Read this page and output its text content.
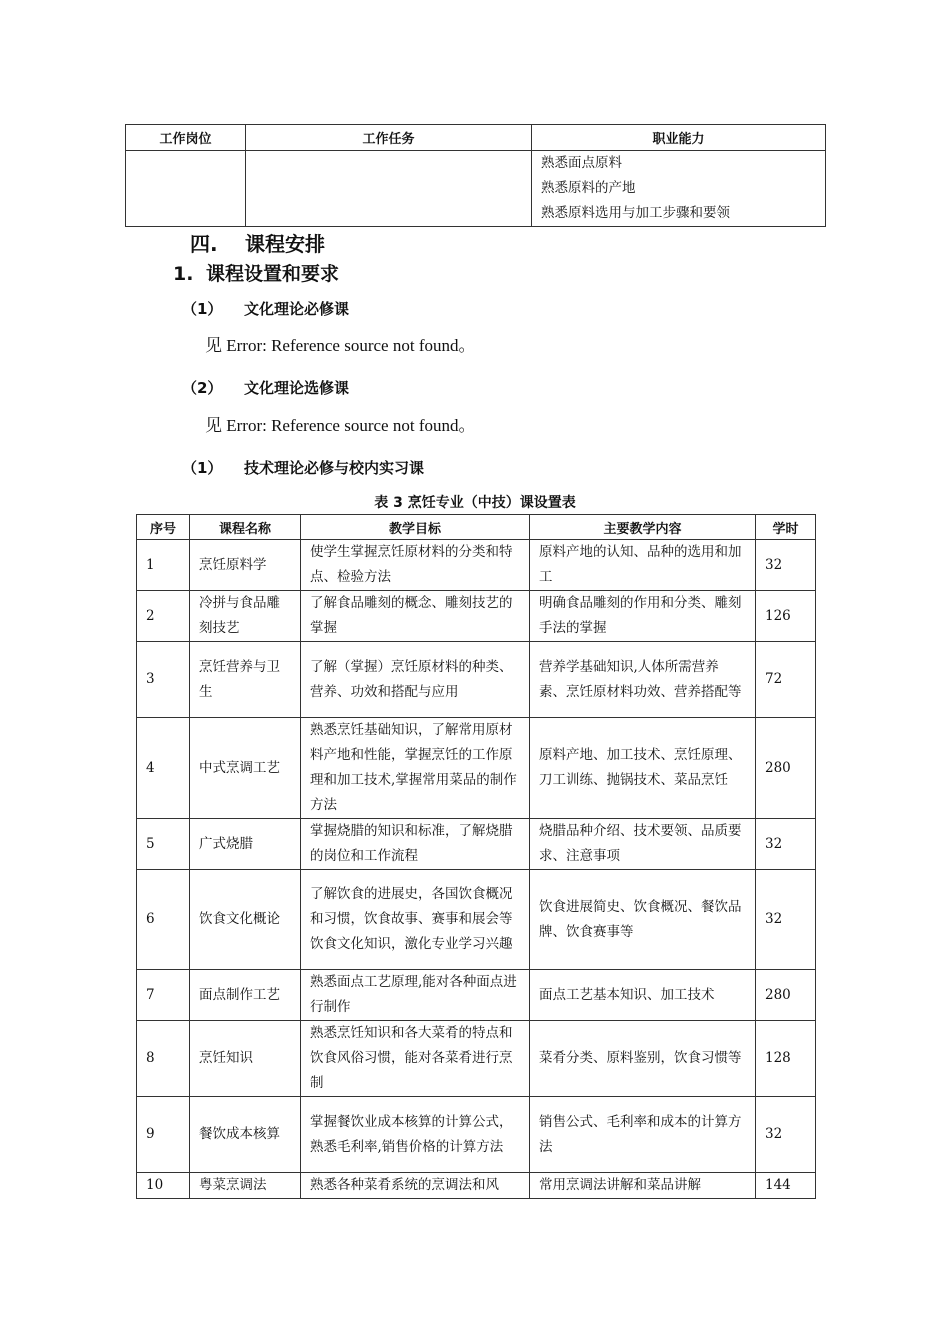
工作岗位	工作任务	职业能力

		熟悉面点原料
熟悉原料的产地
熟悉原料选用与加工步骤和要领
四. 课程安排
1. 课程设置和要求
（1） 文化理论必修课
见 Error: Reference source not found。
（2） 文化理论选修课
见 Error: Reference source not found。
（1） 技术理论必修与校内实习课
表 3 烹饪专业（中技）课设置表
序号	课程名称	教学目标	主要教学内容	学时
1	烹饪原料学	使学生掌握烹饪原材料的分类和特点、检验方法	原料产地的认知、品种的选用和加工	32
2	冷拼与食品雕刻技艺	了解食品雕刻的概念、雕刻技艺的掌握	明确食品雕刻的作用和分类、雕刻手法的掌握	126
3	烹饪营养与卫生	了解（掌握）烹饪原材料的种类、营养、功效和搭配与应用	营养学基础知识,人体所需营养素、烹饪原材料功效、营养搭配等	72
4	中式烹调工艺	熟悉烹饪基础知识，了解常用原材料产地和性能，掌握烹饪的工作原理和加工技术,掌握常用菜品的制作方法	原料产地、加工技术、烹饪原理、刀工训练、抛锅技术、菜品烹饪	280
5	广式烧腊	掌握烧腊的知识和标准，了解烧腊的岗位和工作流程	烧腊品种介绍、技术要领、品质要求、注意事项	32
6	饮食文化概论	了解饮食的进展史，各国饮食概况和习惯，饮食故事、赛事和展会等饮食文化知识，激化专业学习兴趣	饮食进展简史、饮食概况、餐饮品牌、饮食赛事等	32
7	面点制作工艺	熟悉面点工艺原理,能对各种面点进行制作	面点工艺基本知识、加工技术	280
8	烹饪知识	熟悉烹饪知识和各大菜肴的特点和饮食风俗习惯，能对各菜肴进行烹制	菜肴分类、原料鉴别，饮食习惯等	128
9	餐饮成本核算	掌握餐饮业成本核算的计算公式，熟悉毛利率,销售价格的计算方法	销售公式、毛利率和成本的计算方法	32
10	粤菜烹调法	熟悉各种菜肴系统的烹调法和风	常用烹调法讲解和菜品讲解	144
